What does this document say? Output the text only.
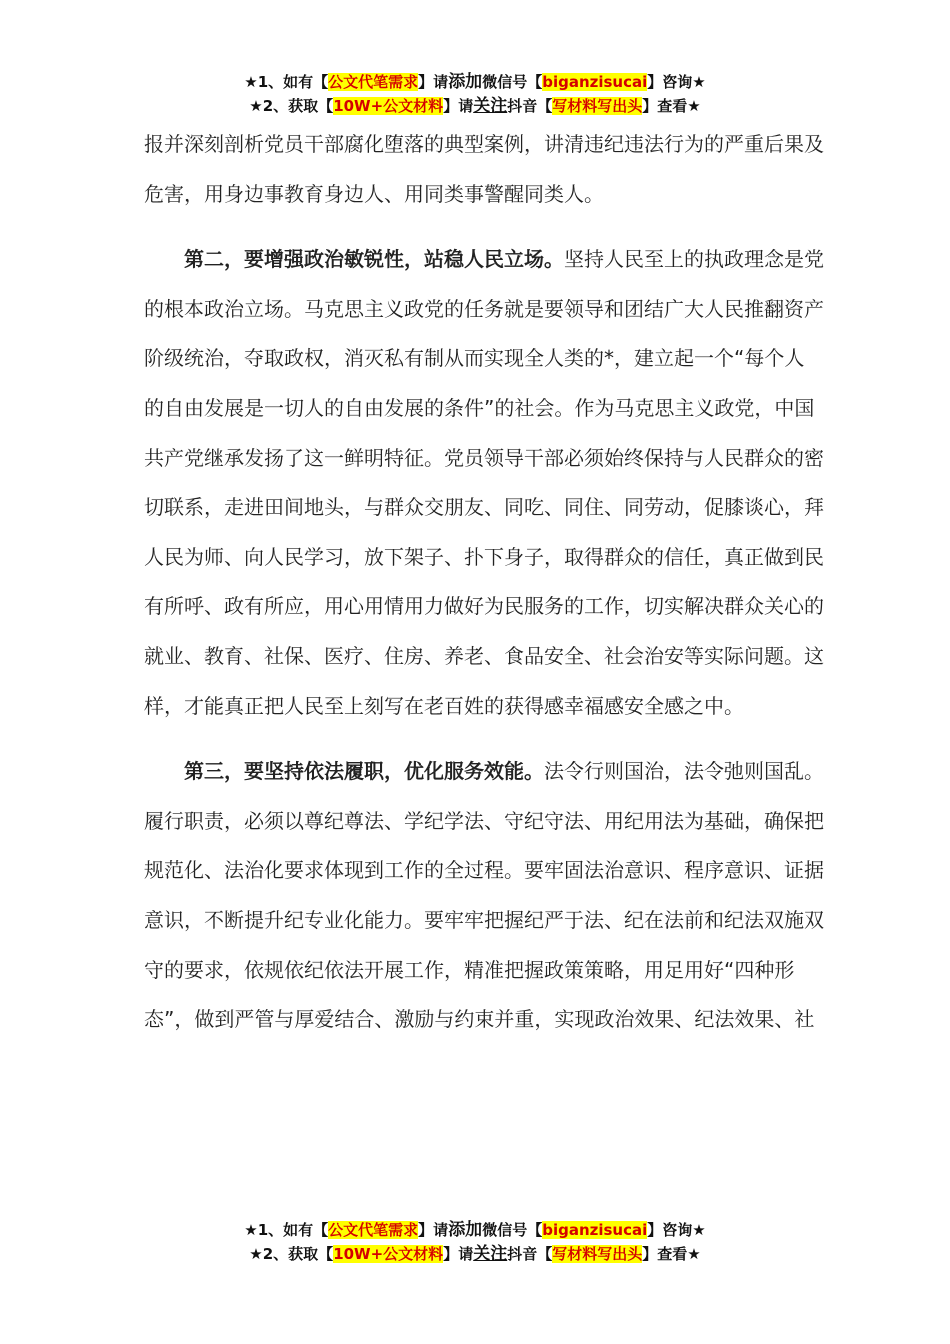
★1、如有【公文代笔需求】请添加微信号【biganzisucai】咨询★
★2、获取【10W+公文材料】请关注抖音【写材料写出头】查看★

报并深刻剖析党员干部腐化堕落的典型案例，讲清违纪违法行为的严重后果及危害，用身边事教育身边人、用同类事警醒同类人。

第二，要增强政治敏锐性，站稳人民立场。坚持人民至上的执政理念是党的根本政治立场。马克思主义政党的任务就是要领导和团结广大人民推翻资产阶级统治，夺取政权，消灭私有制从而实现全人类的*，建立起一个“每个人的自由发展是一切人的自由发展的条件”的社会。作为马克思主义政党，中国共产党继承发扬了这一鲜明特征。党员领导干部必须始终保持与人民群众的密切联系，走进田间地头，与群众交朋友、同吃、同住、同劳动，促膝谈心，拜人民为师、向人民学习，放下架子、扑下身子，取得群众的信任，真正做到民有所呼、政有所应，用心用情用力做好为民服务的工作，切实解决群众关心的就业、教育、社保、医疗、住房、养老、食品安全、社会治安等实际问题。这样，才能真正把人民至上刻写在老百姓的获得感幸福感安全感之中。

第三，要坚持依法履职，优化服务效能。法令行则国治，法令弛则国乱。履行职责，必须以尊纪尊法、学纪学法、守纪守法、用纪用法为基础，确保把规范化、法治化要求体现到工作的全过程。要牢固法治意识、程序意识、证据意识，不断提升纪专业化能力。要牢牢把握纪严于法、纪在法前和纪法双施双守的要求，依规依纪依法开展工作，精准把握政策策略，用足用好“四种形态”，做到严管与厚爱结合、激励与约束并重，实现政治效果、纪法效果、社

★1、如有【公文代笔需求】请添加微信号【biganzisucai】咨询★
★2、获取【10W+公文材料】请关注抖音【写材料写出头】查看★
